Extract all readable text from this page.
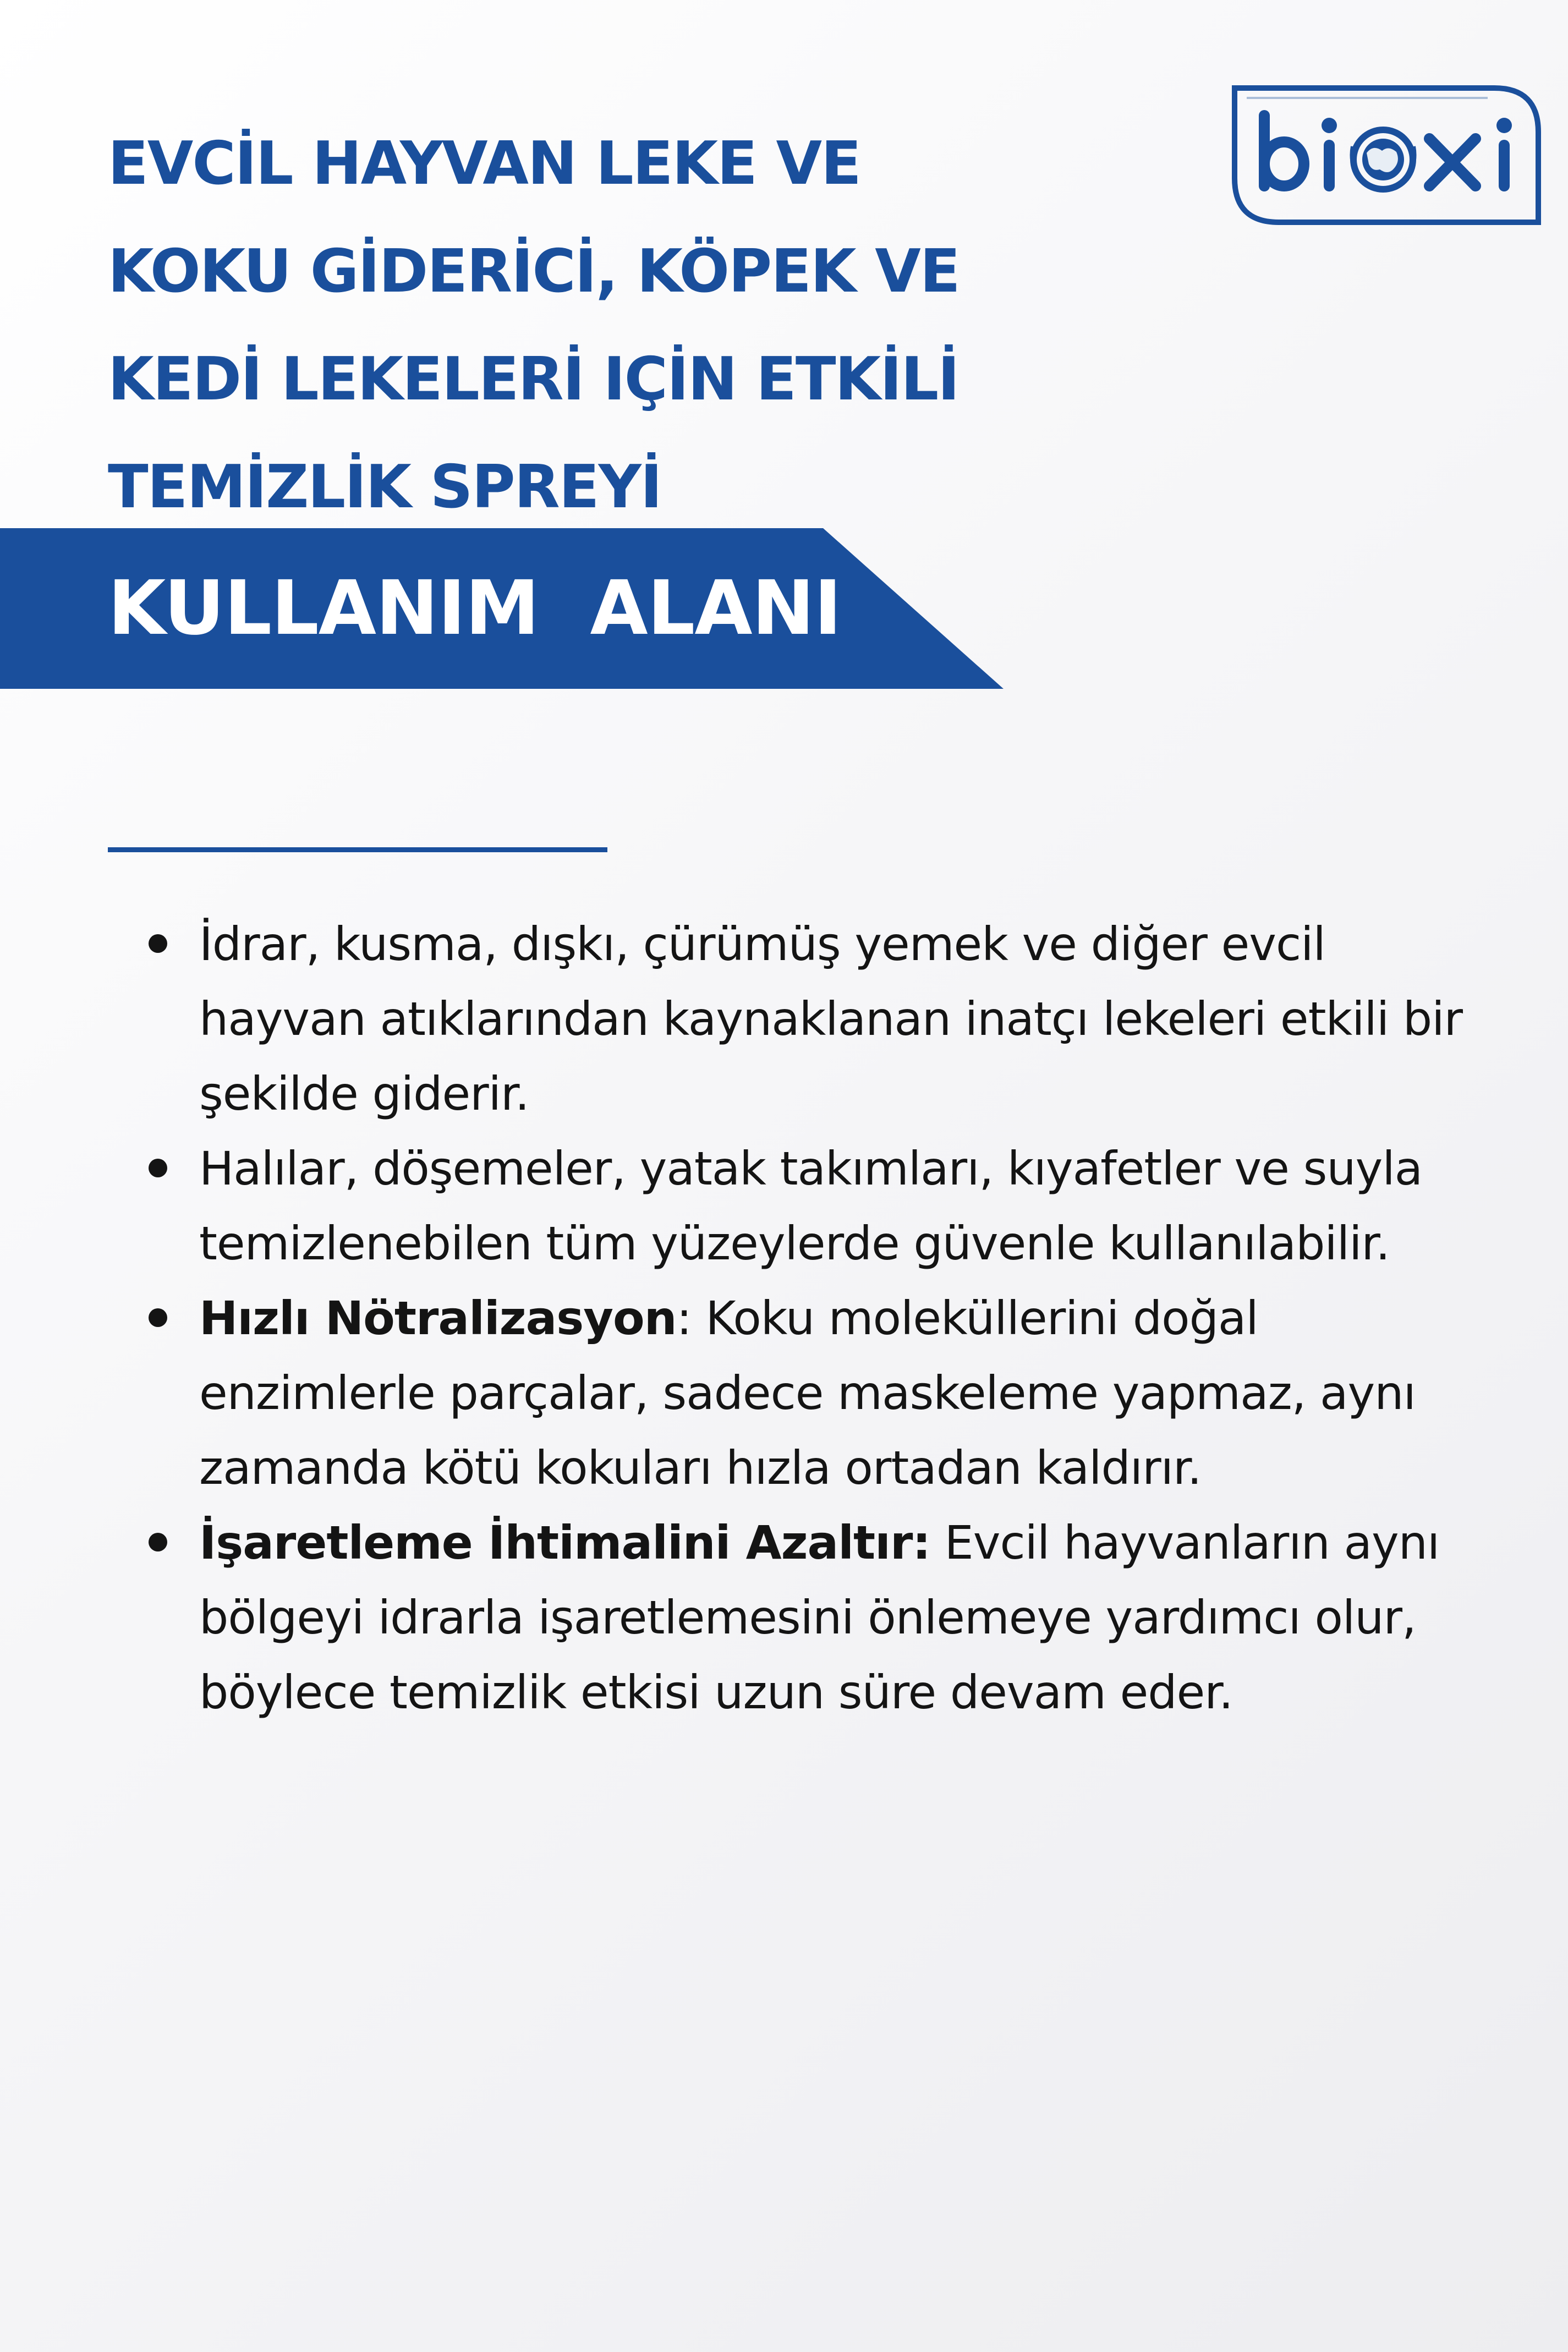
EVCİL HAYVAN LEKE VE
KOKU GİDERİCİ, KÖPEK VE
KEDİ LEKELERİ IÇİN ETKİLİ
TEMİZLİK SPREYİ
KULLANIM  ALANI
İdrar, kusma, dışkı, çürümüş yemek ve diğer evcil hayvan atıklarından kaynaklanan inatçı lekeleri etkili bir şekilde giderir.
Halılar, döşemeler, yatak takımları, kıyafetler ve suyla temizlenebilen tüm yüzeylerde güvenle kullanılabilir.
Hızlı Nötralizasyon: Koku moleküllerini doğal enzimlerle parçalar, sadece maskeleme yapmaz, aynı zamanda kötü kokuları hızla ortadan kaldırır.
İşaretleme İhtimalini Azaltır: Evcil hayvanların aynı bölgeyi idrarla işaretlemesini önlemeye yardımcı olur, böylece temizlik etkisi uzun süre devam eder.
